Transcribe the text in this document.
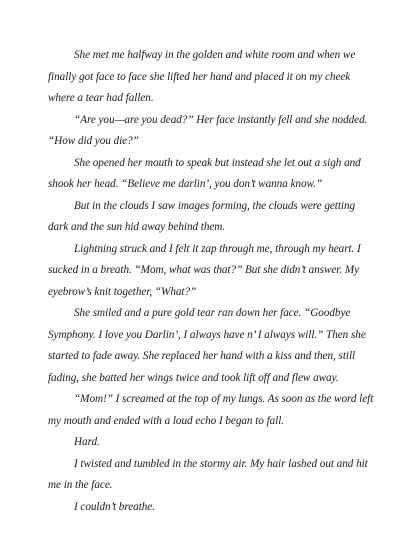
She met me halfway in the golden and white room and when we
finally got face to face she lifted her hand and placed it on my cheek
where a tear had fallen.
“Are you—are you dead?” Her face instantly fell and she nodded.
“How did you die?”
She opened her mouth to speak but instead she let out a sigh and
shook her head. “Believe me darlin’, you don’t wanna know.”
But in the clouds I saw images forming, the clouds were getting
dark and the sun hid away behind them.
Lightning struck and I felt it zap through me, through my heart. I
sucked in a breath. “Mom, what was that?” But she didn’t answer. My
eyebrow’s knit together, “What?”
She smiled and a pure gold tear ran down her face. “Goodbye
Symphony. I love you Darlin’, I always have n’ I always will.” Then she
started to fade away. She replaced her hand with a kiss and then, still
fading, she batted her wings twice and took lift off and flew away.
“Mom!” I screamed at the top of my lungs. As soon as the word left
my mouth and ended with a loud echo I began to fall.
Hard.
I twisted and tumbled in the stormy air. My hair lashed out and hit
me in the face.
I couldn’t breathe.
